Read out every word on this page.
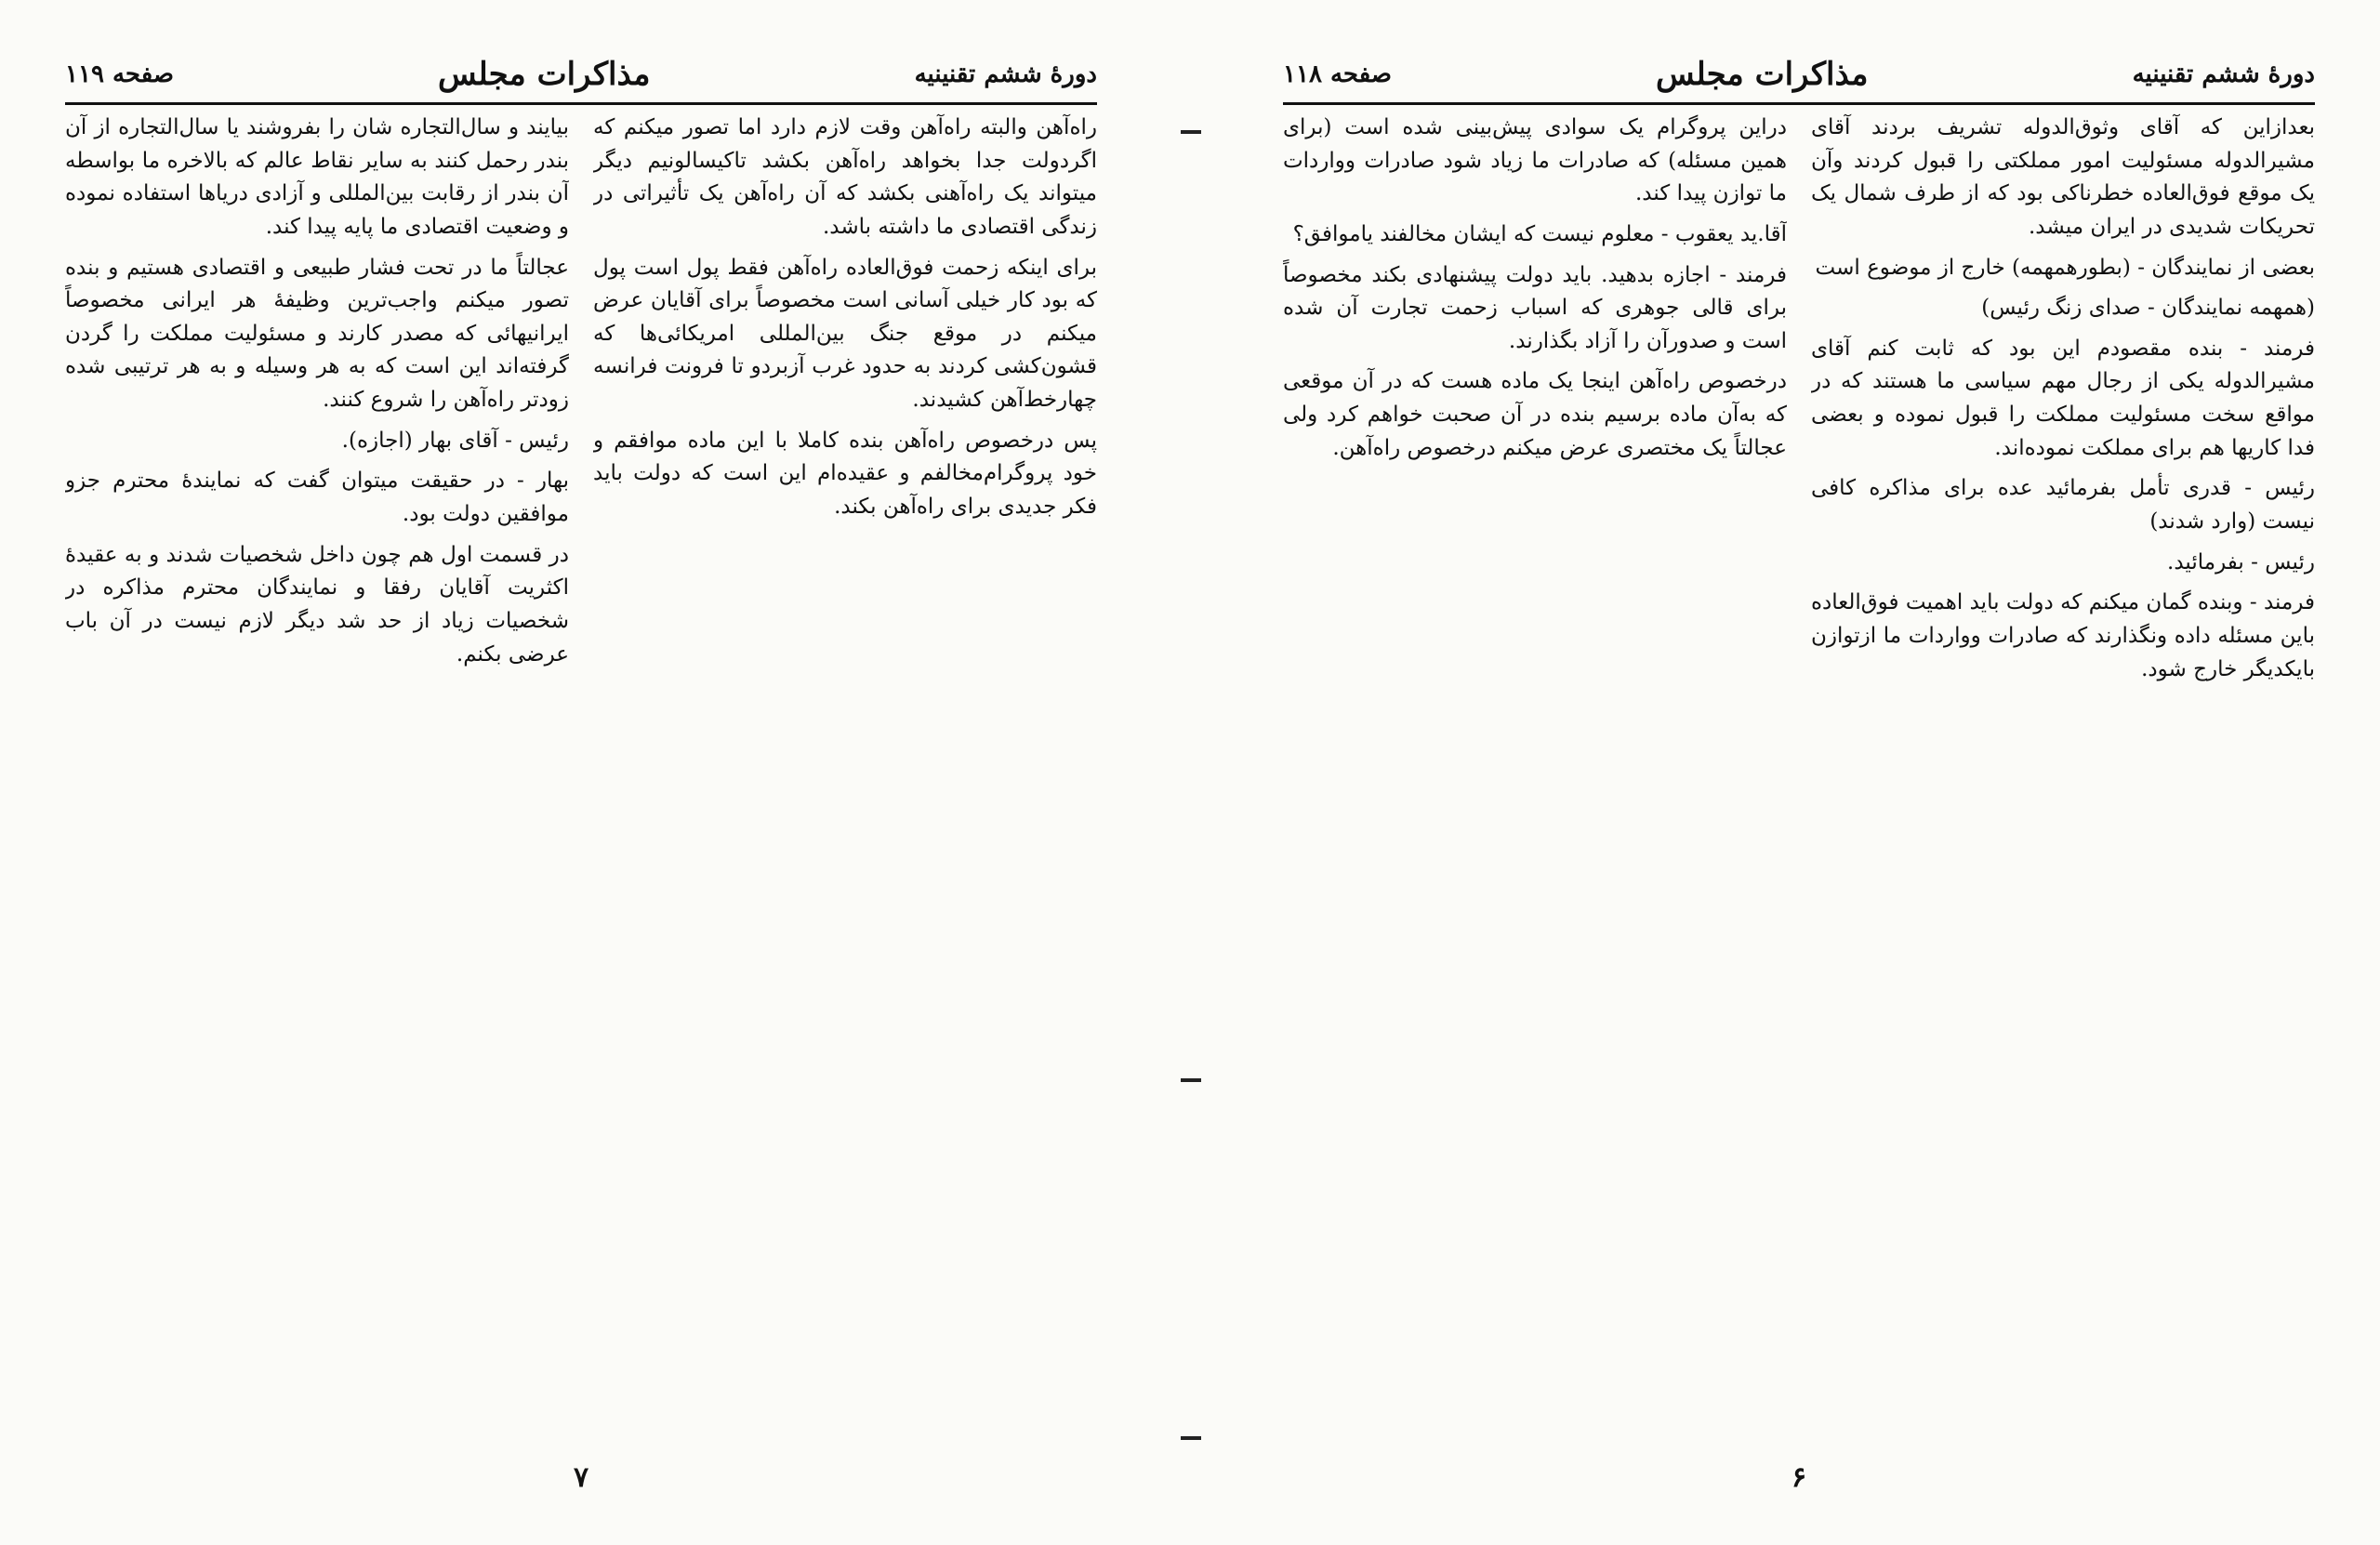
دورهٔ ششم تقنینیه
مذاکرات مجلس
صفحه ۱۱۹

راه‌آهن والبته راه‌آهن وقت لازم دارد اما تصور میکنم که اگردولت جدا بخواهد راه‌آهن بکشد تاکیسالونیم دیگر میتواند یک راه‌آهنی بکشد که آن راه‌آهن یک تأثیراتی در زندگی اقتصادی ما داشته باشد.

برای اینکه زحمت فوق‌العاده راه‌آهن فقط پول است پول که بود کار خیلی آسانی است مخصوصاً برای آقایان عرض میکنم در موقع جنگ بین‌المللی امریکائی‌ها که قشون‌کشی کردند به حدود غرب آزبردو تا فرونت فرانسه چهارخط‌آهن کشیدند.

پس درخصوص راه‌آهن بنده کاملا با این ماده موافقم و خود پروگرام‌مخالفم و عقیده‌ام این است که دولت باید فکر جدیدی برای راه‌آهن بکند.

بیایند و سال‌التجاره شان را بفروشند یا سال‌التجاره از آن بندر رحمل کنند به سایر نقاط عالم که بالاخره ما بواسطه آن بندر از رقابت بین‌المللی و آزادی دریاها استفاده نموده و وضعیت اقتصادی ما پایه پیدا کند.

عجالتاً ما در تحت فشار طبیعی و اقتصادی هستیم و بنده تصور میکنم واجب‌ترین وظیفهٔ هر ایرانی مخصوصاً ایرانیهائی که مصدر کارند و مسئولیت مملکت را گردن گرفته‌اند این است که به هر وسیله و به هر ترتیبی شده زودتر راه‌آهن را شروع کنند.

رئیس - آقای بهار (اجازه).

بهار - در حقیقت میتوان گفت که نمایندهٔ محترم جزو موافقین دولت بود.

در قسمت اول هم چون داخل شخصیات شدند و به عقیدهٔ اکثریت آقایان رفقا و نمایندگان محترم مذاکره در شخصیات زیاد از حد شد دیگر لازم نیست در آن باب عرضی بکنم.

۷
دورهٔ ششم تقنینیه
مذاکرات مجلس
صفحه ۱۱۸

بعدازاین که آقای وثوق‌الدوله تشریف بردند آقای مشیرالدوله مسئولیت امور مملکتی را قبول کردند وآن یک موقع فوق‌العاده خطرناکی بود که از طرف شمال یک تحریکات شدیدی در ایران میشد.

بعضی از نمایندگان - (بطورهمهمه) خارج از موضوع است

(همهمه نمایندگان - صدای زنگ رئیس)

فرمند - بنده مقصودم این بود که ثابت کنم آقای مشیرالدوله یکی از رجال مهم سیاسی ما هستند که در مواقع سخت مسئولیت مملکت را قبول نموده و بعضی فدا کاریها هم برای مملکت نموده‌اند.

رئیس - قدری تأمل بفرمائید عده برای مذاکره کافی نیست (وارد شدند)

رئیس - بفرمائید.

فرمند - وبنده گمان میکنم که دولت باید اهمیت فوق‌العاده باین مسئله داده ونگذارند که صادرات وواردات ما ازتوازن بایکدیگر خارج شود.

دراین پروگرام یک سوادی پیش‌بینی شده است (برای همین مسئله) که صادرات ما زیاد شود صادرات وواردات ما توازن پیدا کند.

آقا.ید یعقوب - معلوم نیست که ایشان مخالفند یاموافق؟

فرمند - اجازه بدهید. باید دولت پیشنهادی بکند مخصوصاً برای قالی جوهری که اسباب زحمت تجارت آن شده است و صدورآن را آزاد بگذارند.

درخصوص راه‌آهن اینجا یک ماده هست که در آن موقعی که به‌آن ماده برسیم بنده در آن صحبت خواهم کرد ولی عجالتاً یک مختصری عرض میکنم درخصوص راه‌آهن.

۶
